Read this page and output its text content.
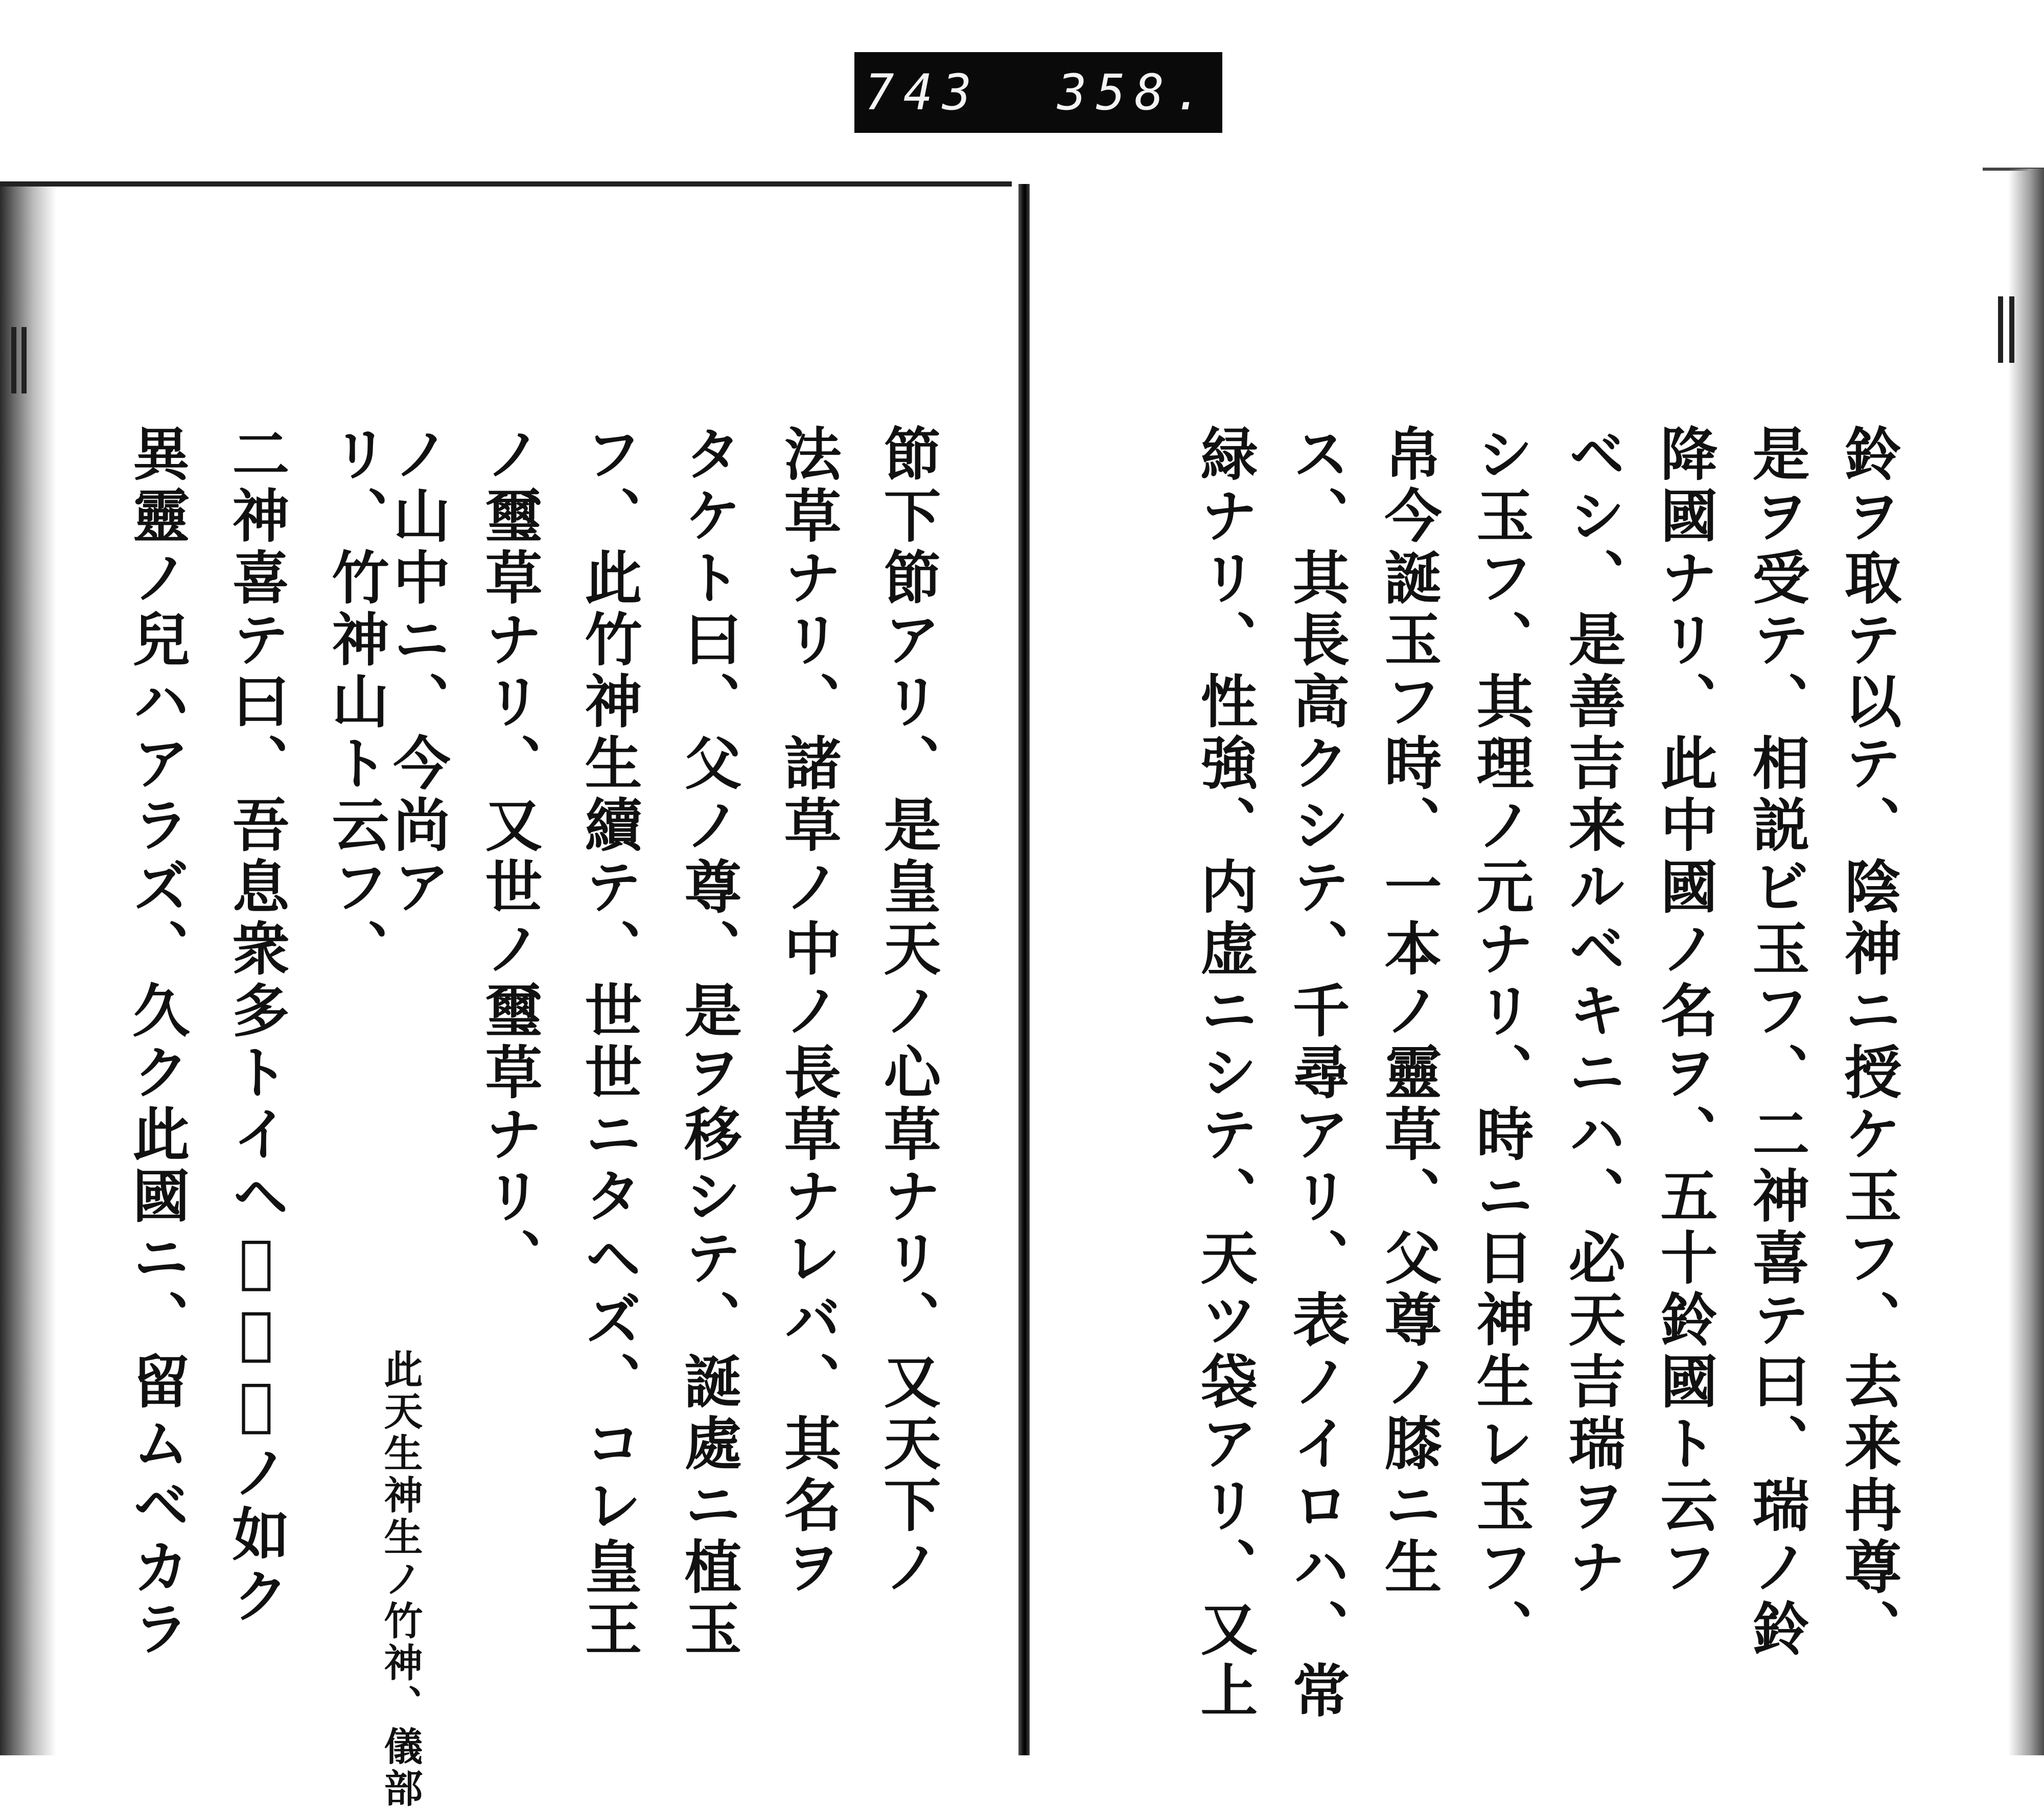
743 358.
鈴ヲ取テ以テ、陰神ニ授ケ玉フ、去来冉尊、
是ヲ受テ、相説ビ玉フ、二神喜テ曰、瑞ノ鈴
降國ナリ、此中國ノ名ヲ、五十鈴國ト云フ
ベシ、是善吉来ルベキニハ、必天吉瑞ヲナ
シ玉フ、其理ノ元ナリ、時ニ日神生レ玉フ、
帛今誕玉フ時、一本ノ靈草、父尊ノ膝ニ生
ス、其長高クシテ、千尋アリ、表ノイロハ、常
緑ナリ、性強、内虚ニシテ、天ツ袋アリ、又上
節下節アリ、是皇天ノ心草ナリ、又天下ノ
法草ナリ、諸草ノ中ノ長草ナレバ、其名ヲ
タケト曰、父ノ尊、是ヲ移シテ、誕處ニ植玉
フ、此竹神生續テ、世世ニタヘズ、コレ皇王
ノ璽草ナリ、又世ノ璽草ナリ、
此天生神生ノ竹神、儀部
ノ山中ニ、今尚ア
リ、竹神山ト云フ、
二神喜テ曰、吾息衆多トイヘ𪜈、此ノ如ク
異靈ノ兒ハアラズ、久ク此國ニ、留ムベカラ
